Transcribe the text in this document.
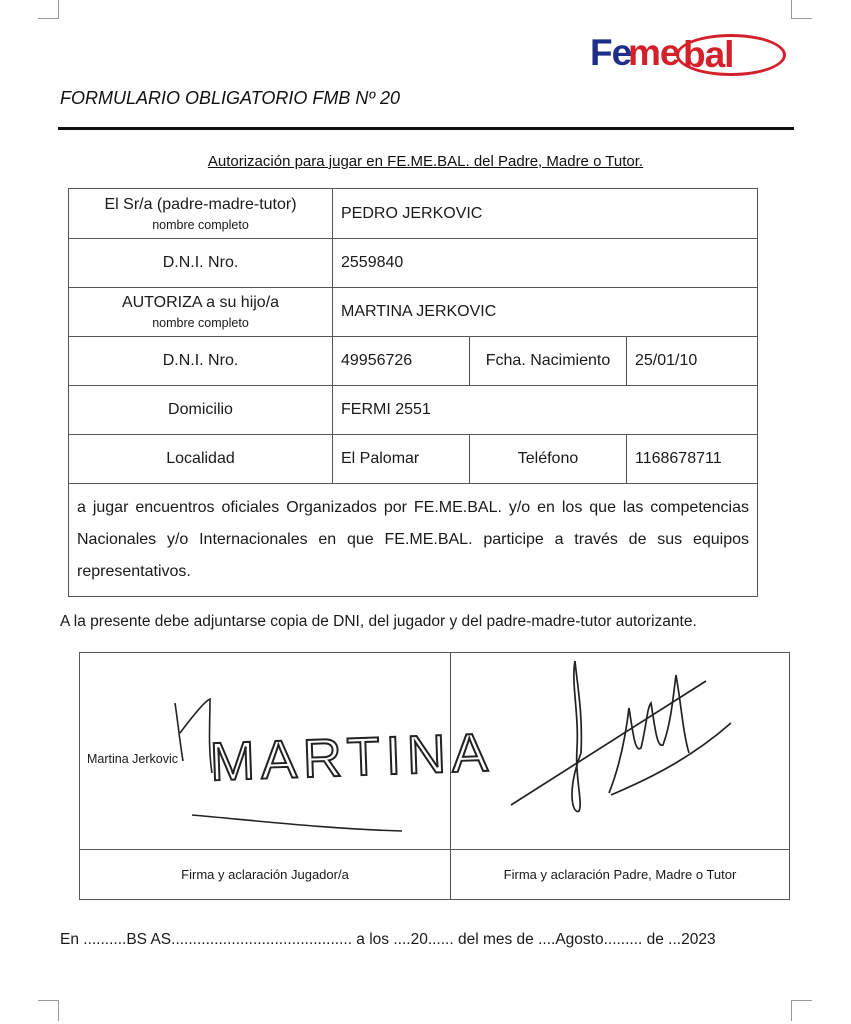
Fe
me bal
FORMULARIO OBLIGATORIO FMB Nº 20
Autorización para jugar en FE.ME.BAL. del Padre, Madre o Tutor.
El Sr/a (padre-madre-tutor)
nombre completo	PEDRO JERKOVIC		
D.N.I. Nro.	2559840		

AUTORIZA a su hijo/a
nombre completo	MARTINA JERKOVIC		
D.N.I. Nro.	49956726	Fcha. Nacimiento	25/01/10
Domicilio	FERMI 2551		
Localidad	El Palomar	Teléfono	1168678711
a jugar encuentros oficiales Organizados por FE.ME.BAL. y/o en los que las competencias Nacionales y/o Internacionales en que FE.ME.BAL. participe a través de sus equipos representativos.			
A la presente debe adjuntarse copia de DNI, del jugador y del padre-madre-tutor autorizante.
Martina Jerkovic MARTINA

Firma y aclaración Jugador/a	Firma y aclaración Padre, Madre o Tutor
En ..........BS AS.......................................... a los ....20...... del mes de ....Agosto......... de ...2023
